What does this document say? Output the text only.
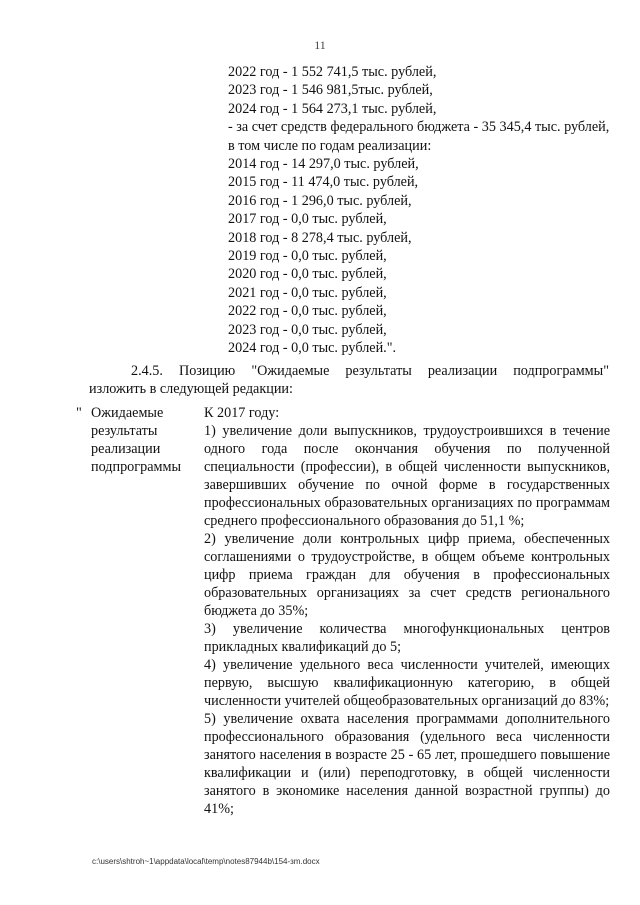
11
2022 год - 1 552 741,5 тыс. рублей,
2023 год - 1 546 981,5тыс. рублей,
2024 год - 1 564 273,1 тыс. рублей,
- за счет средств федерального бюджета - 35 345,4 тыс. рублей,
в том числе по годам реализации:
2014 год - 14 297,0 тыс. рублей,
2015 год - 11 474,0 тыс. рублей,
2016 год - 1 296,0 тыс. рублей,
2017 год - 0,0 тыс. рублей,
2018 год - 8 278,4 тыс. рублей,
2019 год - 0,0 тыс. рублей,
2020 год - 0,0 тыс. рублей,
2021 год - 0,0 тыс. рублей,
2022 год - 0,0 тыс. рублей,
2023 год - 0,0 тыс. рублей,
2024 год - 0,0 тыс. рублей.".
2.4.5. Позицию "Ожидаемые результаты реализации подпрограммы"
изложить в следующей редакции:
" Ожидаемые
результаты
реализации
подпрограммы

К 2017 году:

1) увеличение доли выпускников, трудоустроившихся в течение одного года после окончания обучения по полученной специальности (профессии), в общей численности выпускников, завершивших обучение по очной форме в государственных профессиональных образовательных организациях по программам среднего профессионального образования до 51,1 %;

2) увеличение доли контрольных цифр приема, обеспеченных соглашениями о трудоустройстве, в общем объеме контрольных цифр приема граждан для обучения в профессиональных образовательных организациях за счет средств регионального бюджета до 35%;

3) увеличение количества многофункциональных центров прикладных квалификаций до 5;

4) увеличение удельного веса численности учителей, имеющих первую, высшую квалификационную категорию, в общей численности учителей общеобразовательных организаций до 83%;

5) увеличение охвата населения программами дополнительного профессионального образования (удельного веса численности занятого населения в возрасте 25 - 65 лет, прошедшего повышение квалификации и (или) переподготовку, в общей численности занятого в экономике населения данной возрастной группы) до 41%;

c:\users\shtroh~1\appdata\local\temp\notes87944b\154-зm.docx
